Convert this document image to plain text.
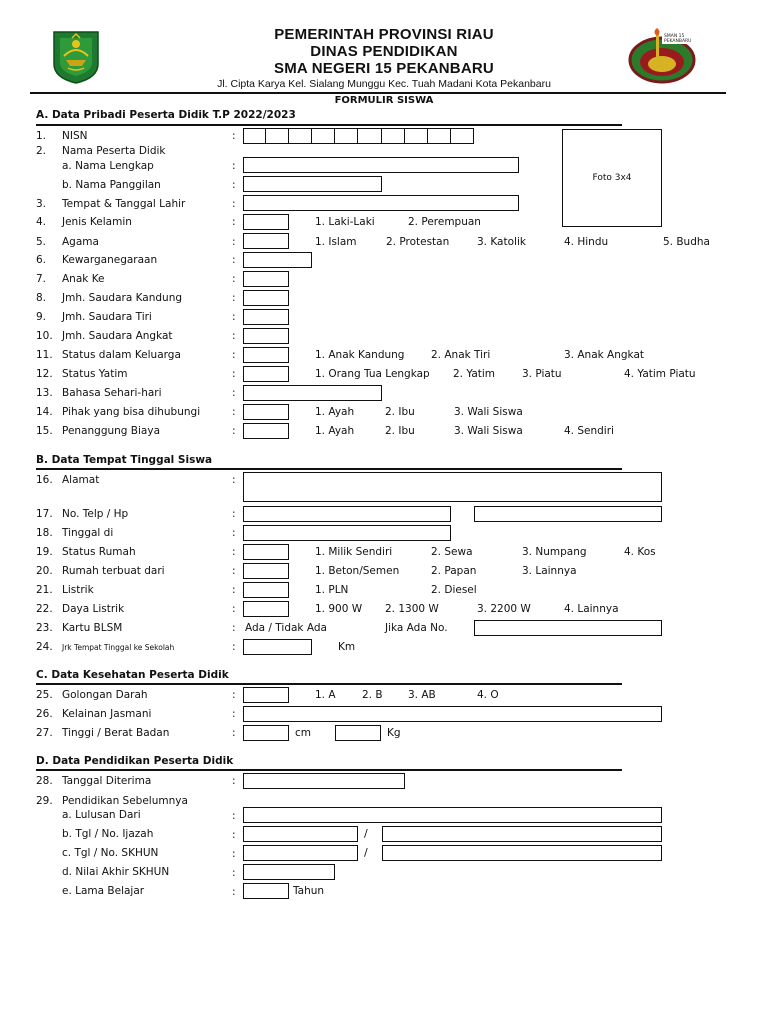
SMAN 15 PEKANBARU
PEMERINTAH PROVINSI RIAU
DINAS PENDIDIKAN
SMA NEGERI 15 PEKANBARU
Jl. Cipta Karya Kel. Sialang Munggu Kec. Tuah Madani Kota Pekanbaru
FORMULIR SISWA
A. Data Pribadi Peserta Didik T.P 2022/2023
Foto 3x4
1. NISN	:
2. Nama Peserta Didik
a. Nama Lengkap	:
b. Nama Panggilan	:
3. Tempat & Tanggal Lahir	:
4. Jenis Kelamin	:	1. Laki-Laki	2. Perempuan
5. Agama	:	1. Islam	2. Protestan	3. Katolik	4. Hindu	5. Budha
6. Kewarganegaraan	:
7. Anak Ke	:
8. Jmh. Saudara Kandung	:
9. Jmh. Saudara Tiri	:
10. Jmh. Saudara Angkat	:
11. Status dalam Keluarga	:	1. Anak Kandung	2. Anak Tiri	3. Anak Angkat
12. Status Yatim	:	1. Orang Tua Lengkap 2. Yatim	3. Piatu	4. Yatim Piatu
13. Bahasa Sehari-hari	:
14. Pihak yang bisa dihubungi	:	1. Ayah	2. Ibu	3. Wali Siswa
15. Penanggung Biaya	:	1. Ayah	2. Ibu	3. Wali Siswa	4. Sendiri
B. Data Tempat Tinggal Siswa
16. Alamat	:
17. No. Telp / Hp	:
18. Tinggal di	:
19. Status Rumah	:	1. Milik Sendiri	2. Sewa	3. Numpang	4. Kos
20. Rumah terbuat dari	:	1. Beton/Semen	2. Papan	3. Lainnya
21. Listrik	:	1. PLN	2. Diesel
22. Daya Listrik	:	1. 900 W 2. 1300 W	3. 2200 W	4. Lainnya
23. Kartu BLSM	: Ada / Tidak Ada	Jika Ada No.
24. Jrk Tempat Tinggal ke Sekolah	:	Km
C. Data Kesehatan Peserta Didik
25. Golongan Darah	:	1. A	2. B 3. AB	4. O
26. Kelainan Jasmani	:
27. Tinggi / Berat Badan	:	cm	Kg
D. Data Pendidikan Peserta Didik
28. Tanggal Diterima	:
29. Pendidikan Sebelumnya
a. Lulusan Dari	:
b. Tgl / No. Ijazah	:	/
c. Tgl / No. SKHUN	:	/
d. Nilai Akhir SKHUN	:
e. Lama Belajar	:	Tahun
